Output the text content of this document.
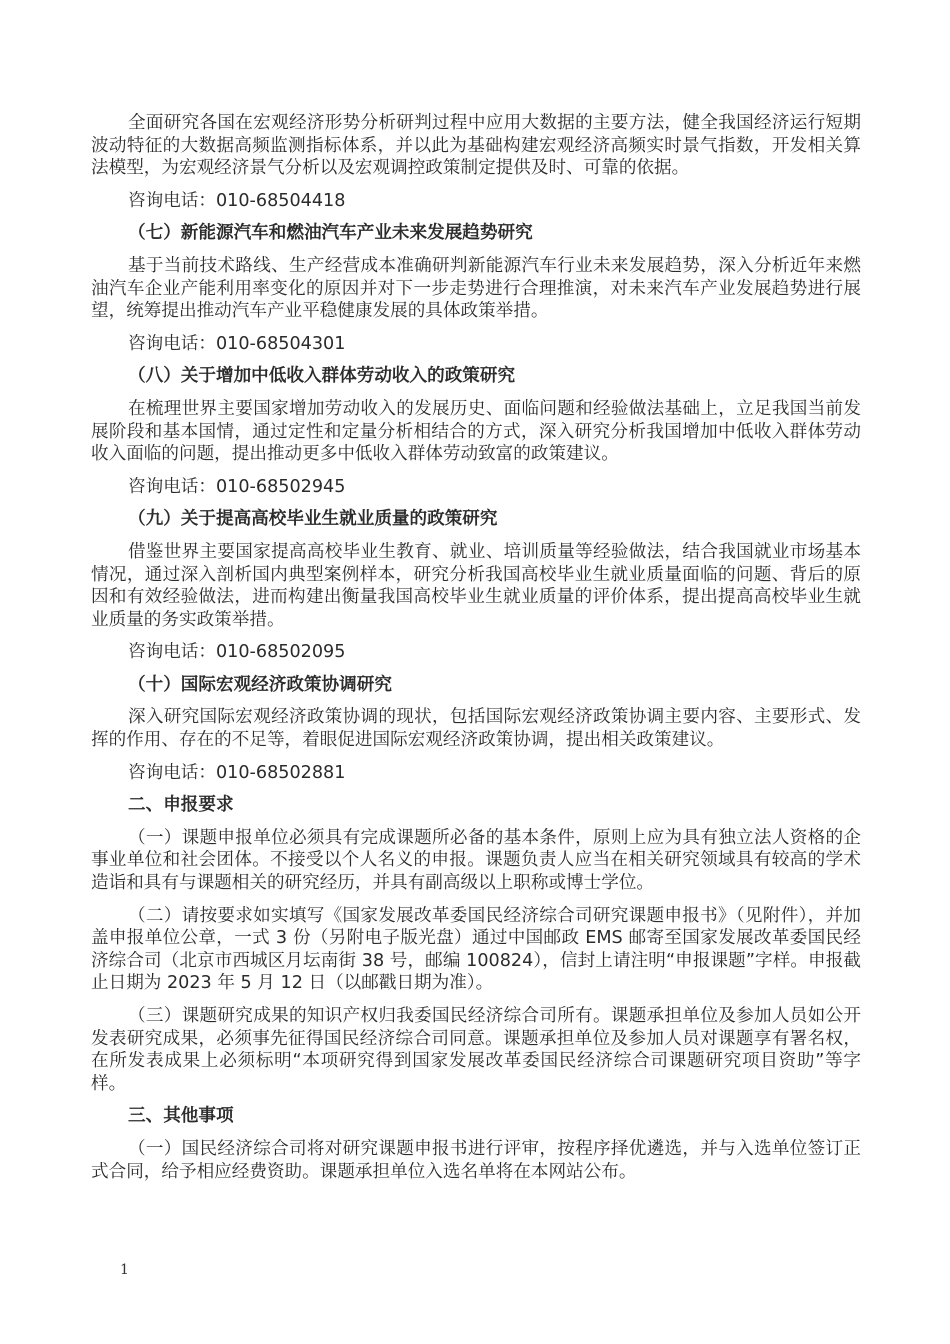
全面研究各国在宏观经济形势分析研判过程中应用大数据的主要方法，健全我国经济运行短期波动特征的大数据高频监测指标体系，并以此为基础构建宏观经济高频实时景气指数，开发相关算法模型，为宏观经济景气分析以及宏观调控政策制定提供及时、可靠的依据。

咨询电话：010-68504418

（七）新能源汽车和燃油汽车产业未来发展趋势研究

基于当前技术路线、生产经营成本准确研判新能源汽车行业未来发展趋势，深入分析近年来燃油汽车企业产能利用率变化的原因并对下一步走势进行合理推演，对未来汽车产业发展趋势进行展望，统筹提出推动汽车产业平稳健康发展的具体政策举措。

咨询电话：010-68504301

（八）关于增加中低收入群体劳动收入的政策研究

在梳理世界主要国家增加劳动收入的发展历史、面临问题和经验做法基础上，立足我国当前发展阶段和基本国情，通过定性和定量分析相结合的方式，深入研究分析我国增加中低收入群体劳动收入面临的问题，提出推动更多中低收入群体劳动致富的政策建议。

咨询电话：010-68502945

（九）关于提高高校毕业生就业质量的政策研究

借鉴世界主要国家提高高校毕业生教育、就业、培训质量等经验做法，结合我国就业市场基本情况，通过深入剖析国内典型案例样本，研究分析我国高校毕业生就业质量面临的问题、背后的原因和有效经验做法，进而构建出衡量我国高校毕业生就业质量的评价体系，提出提高高校毕业生就业质量的务实政策举措。

咨询电话：010-68502095

（十）国际宏观经济政策协调研究

深入研究国际宏观经济政策协调的现状，包括国际宏观经济政策协调主要内容、主要形式、发挥的作用、存在的不足等，着眼促进国际宏观经济政策协调，提出相关政策建议。

咨询电话：010-68502881

二、申报要求

（一）课题申报单位必须具有完成课题所必备的基本条件，原则上应为具有独立法人资格的企事业单位和社会团体。不接受以个人名义的申报。课题负责人应当在相关研究领域具有较高的学术造诣和具有与课题相关的研究经历，并具有副高级以上职称或博士学位。

（二）请按要求如实填写《国家发展改革委国民经济综合司研究课题申报书》（见附件），并加盖申报单位公章，一式 3 份（另附电子版光盘）通过中国邮政 EMS 邮寄至国家发展改革委国民经济综合司（北京市西城区月坛南街 38 号，邮编 100824），信封上请注明“申报课题”字样。申报截止日期为 2023 年 5 月 12 日（以邮戳日期为准）。

（三）课题研究成果的知识产权归我委国民经济综合司所有。课题承担单位及参加人员如公开发表研究成果，必须事先征得国民经济综合司同意。课题承担单位及参加人员对课题享有署名权，在所发表成果上必须标明“本项研究得到国家发展改革委国民经济综合司课题研究项目资助”等字样。

三、其他事项

（一）国民经济综合司将对研究课题申报书进行评审，按程序择优遴选，并与入选单位签订正式合同，给予相应经费资助。课题承担单位入选名单将在本网站公布。

1
